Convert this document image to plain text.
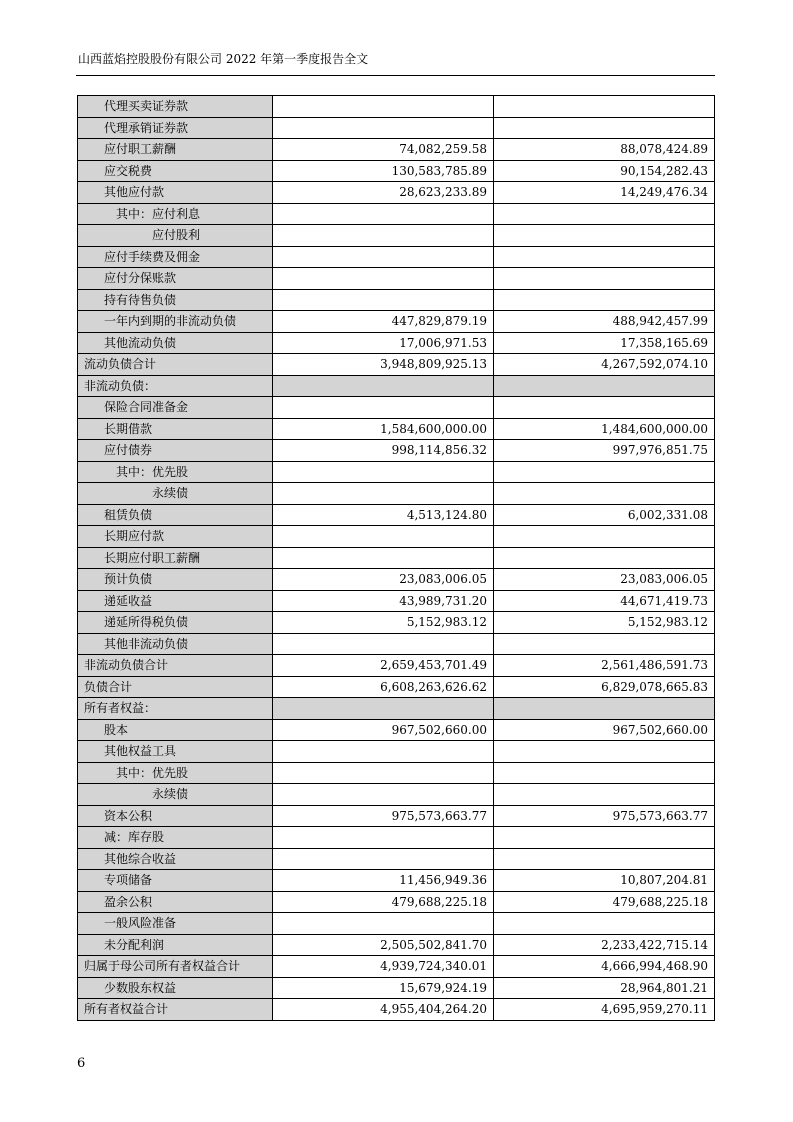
山西蓝焰控股股份有限公司 2022 年第一季度报告全文
代理买卖证券款		
代理承销证券款		
应付职工薪酬	74,082,259.58	88,078,424.89
应交税费	130,583,785.89	90,154,282.43
其他应付款	28,623,233.89	14,249,476.34
其中：应付利息		
应付股利		
应付手续费及佣金		
应付分保账款		
持有待售负债		
一年内到期的非流动负债	447,829,879.19	488,942,457.99
其他流动负债	17,006,971.53	17,358,165.69
流动负债合计	3,948,809,925.13	4,267,592,074.10
非流动负债：		
保险合同准备金		
长期借款	1,584,600,000.00	1,484,600,000.00
应付债券	998,114,856.32	997,976,851.75
其中：优先股		
永续债		
租赁负债	4,513,124.80	6,002,331.08
长期应付款		
长期应付职工薪酬		
预计负债	23,083,006.05	23,083,006.05
递延收益	43,989,731.20	44,671,419.73
递延所得税负债	5,152,983.12	5,152,983.12
其他非流动负债		
非流动负债合计	2,659,453,701.49	2,561,486,591.73
负债合计	6,608,263,626.62	6,829,078,665.83
所有者权益：		
股本	967,502,660.00	967,502,660.00
其他权益工具		
其中：优先股		
永续债		
资本公积	975,573,663.77	975,573,663.77
减：库存股		
其他综合收益		
专项储备	11,456,949.36	10,807,204.81
盈余公积	479,688,225.18	479,688,225.18
一般风险准备		
未分配利润	2,505,502,841.70	2,233,422,715.14
归属于母公司所有者权益合计	4,939,724,340.01	4,666,994,468.90
少数股东权益	15,679,924.19	28,964,801.21
所有者权益合计	4,955,404,264.20	4,695,959,270.11
6
